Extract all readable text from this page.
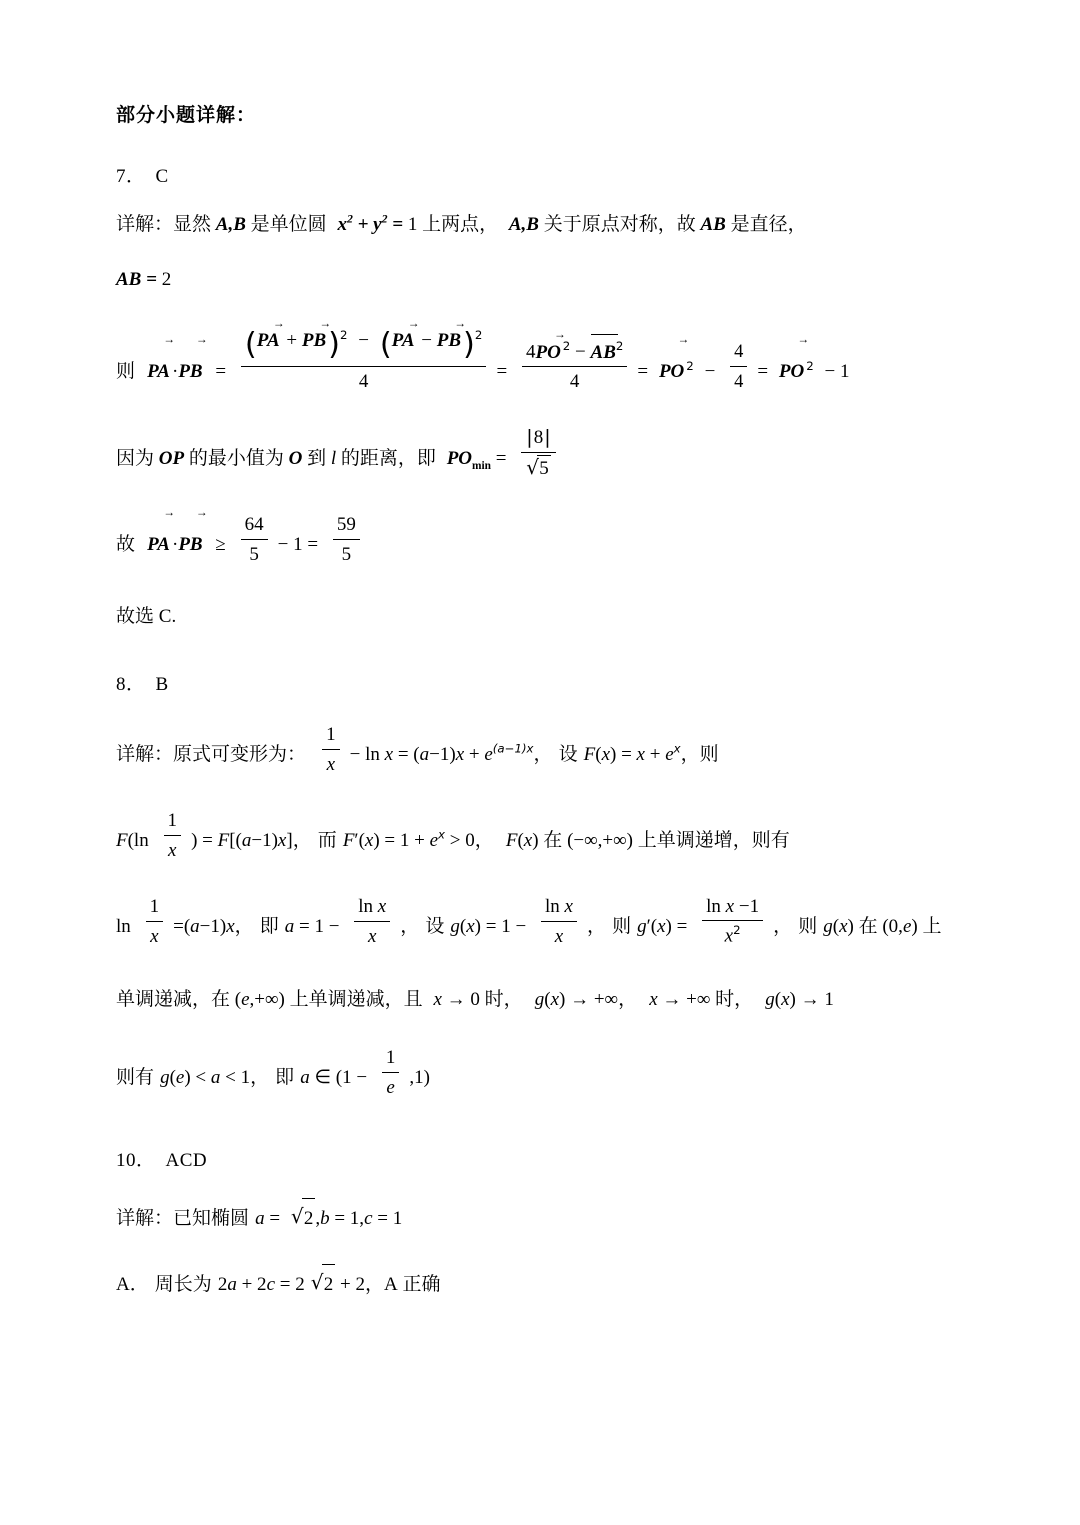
部分小题详解：
7． C
详解：显然 A,B 是单位圆  $x^2 + y^2 = 1$ 上两点，  A,B 关于原点对称，故 AB 是直径，
AB = 2
则 PA → ·PB →  = $\frac{(PA \to + PB \to)^2 - (PA \to - PB \to)^2}{4} = \frac{4PO \to ^2 - AB^2}{4}$ =  PO → $^2 - \frac{4}{4}$ =  PO → $^2$  − 1
因为 OP 的最小值为 O 到 l 的距离，即  $PO_{min} = |8|$
√ 5
故 PA → ·PB →  ≥ $\frac{64}{5} - 1 = \frac{59}{5}$
故选 C.
8． B
详解：原式可变形为： $\frac{1}{x} - \ln x = (a-1)x + e^{(a-1)x}$， 设 $F(x) = x + e^x$，则
$F(\ln \frac{1}{x}$ ) = F[(a−1)x]， 而 $F'(x) = 1 + e^x > 0$， F(x) 在 (−∞,+∞) 上单调递增，则有
$\ln \frac{1}{x} =(a-1)x$， 即 $a = 1 - \frac{\text{ln x}}{x}$ ， 设 $g(x) = 1 - \frac{\text{ln x}}{x}$ ， 则 $g'(x) = \frac{\text{ln x −1}}{x^2}$ ， 则 g(x) 在 (0,e) 上
单调递减，在 (e,+∞) 上单调递减，且  x → 0 时， g(x) → +∞， x → +∞ 时， g(x) → 1
则有 g(e) < a < 1， 即 a ∈ $(1 - \frac{1}{e} ,1)$
10． ACD
详解：已知椭圆 a =  √ 2 ,b = 1,c = 1
A． 周长为 2a + 2c = 2 √ 2 + 2，A 正确
